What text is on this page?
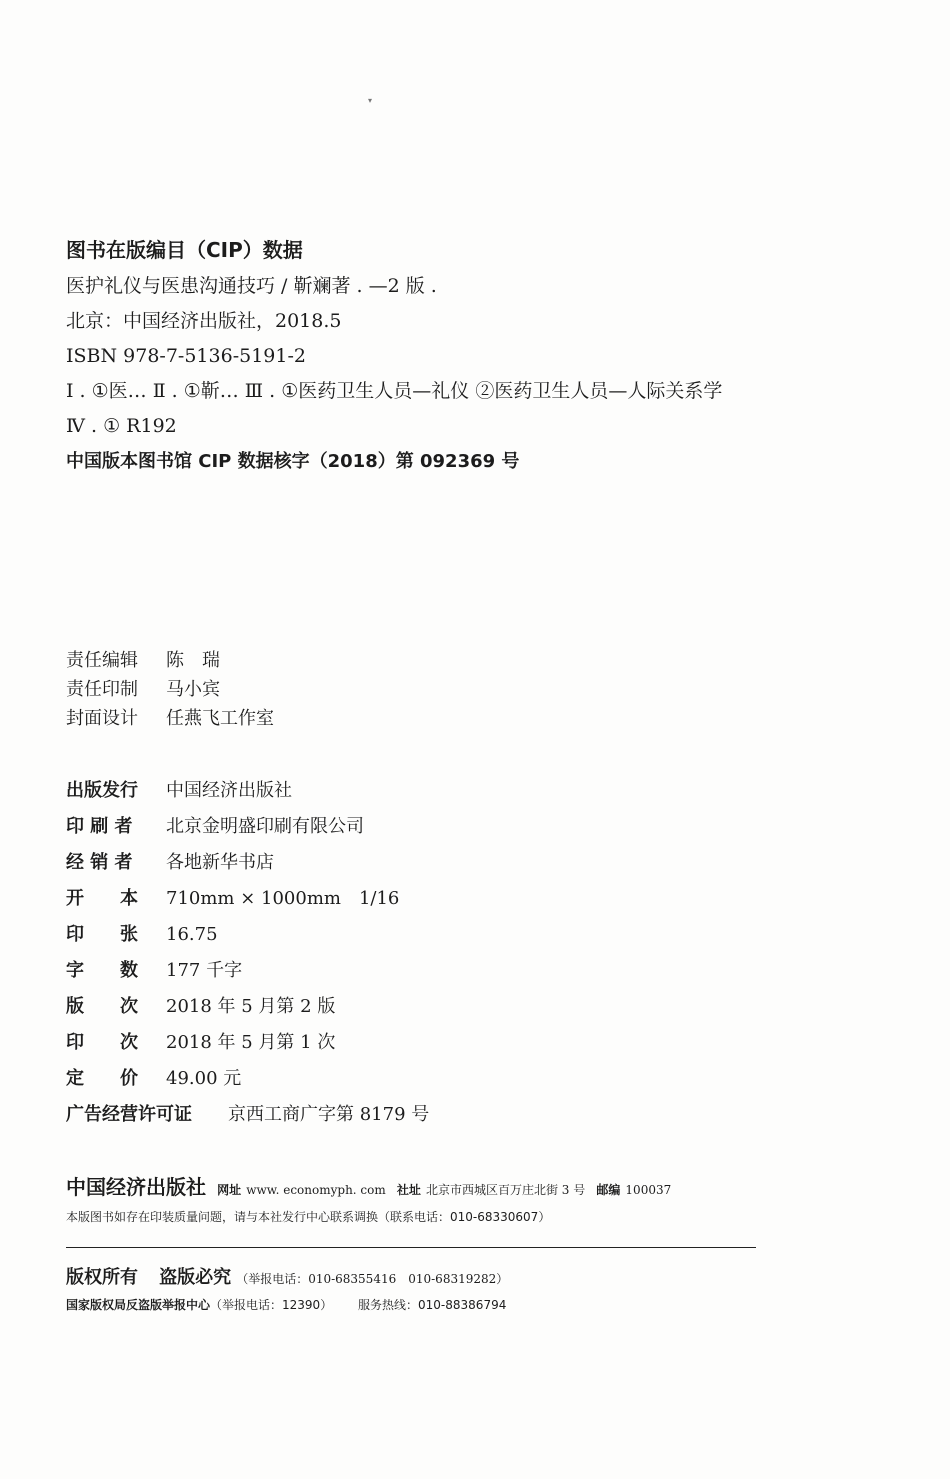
▾
图书在版编目（CIP）数据
医护礼仪与医患沟通技巧 / 靳斓著 . —2 版 .
北京：中国经济出版社，2018.5
ISBN 978-7-5136-5191-2
Ⅰ . ①医… Ⅱ . ①靳… Ⅲ . ①医药卫生人员—礼仪 ②医药卫生人员—人际关系学
Ⅳ . ① R192
中国版本图书馆 CIP 数据核字（2018）第 092369 号
责任编辑 陈　瑞
责任印制 马小宾
封面设计 任燕飞工作室
出版发行 中国经济出版社
印 刷 者 北京金明盛印刷有限公司
经 销 者 各地新华书店
开　　本 710mm × 1000mm　1/16
印　　张 16.75
字　　数 177 千字
版　　次 2018 年 5 月第 2 版
印　　次 2018 年 5 月第 1 次
定　　价 49.00 元
广告经营许可证 京西工商广字第 8179 号
中国经济出版社 网址 www. economyph. com 社址 北京市西城区百万庄北街 3 号 邮编 100037
本版图书如存在印装质量问题，请与本社发行中心联系调换（联系电话：010-68330607）
版权所有 盗版必究 （举报电话：010-68355416　010-68319282）
国家版权局反盗版举报中心（举报电话：12390） 服务热线：010-88386794
